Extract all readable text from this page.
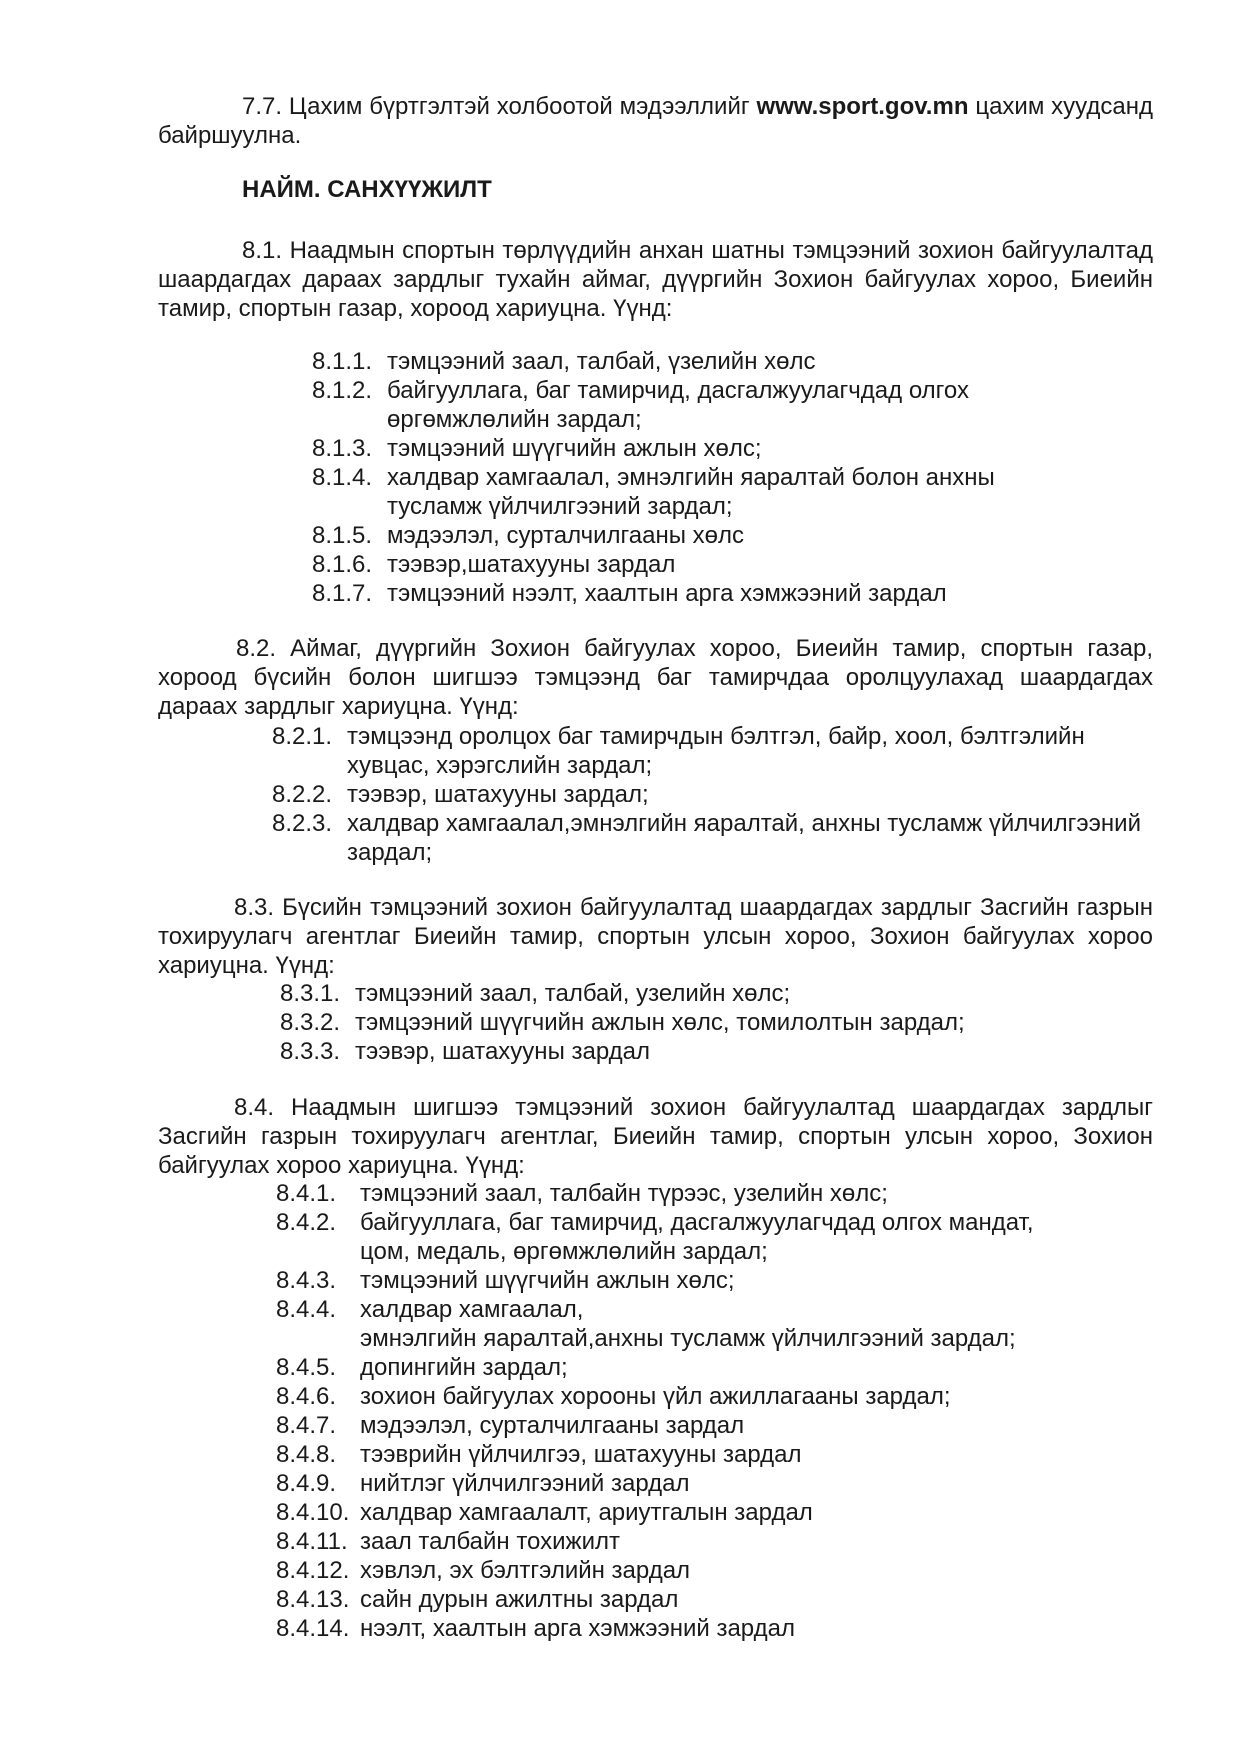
7.7. Цахим бүртгэлтэй холбоотой мэдээллийг www.sport.gov.mn цахим хуудсанд байршуулна.

НАЙМ. САНХҮҮЖИЛТ

8.1. Наадмын спортын төрлүүдийн анхан шатны тэмцээний зохион байгуулалтад шаардагдах дараах зардлыг тухайн аймаг, дүүргийн Зохион байгуулах хороо, Биеийн тамир, спортын газар, хороод хариуцна. Үүнд:

8.1.1. тэмцээний заал, талбай, үзелийн хөлс
8.1.2. байгууллага, баг тамирчид, дасгалжуулагчдад олгох
өргөмжлөлийн зардал;
8.1.3. тэмцээний шүүгчийн ажлын хөлс;
8.1.4. халдвар хамгаалал, эмнэлгийн яаралтай болон анхны
тусламж үйлчилгээний зардал;
8.1.5. мэдээлэл, сурталчилгааны хөлс
8.1.6. тээвэр,шатахууны зардал
8.1.7. тэмцээний нээлт, хаалтын арга хэмжээний зардал

8.2. Аймаг, дүүргийн Зохион байгуулах хороо, Биеийн тамир, спортын газар, хороод бүсийн болон шигшээ тэмцээнд баг тамирчдаа оролцуулахад шаардагдах дараах зардлыг хариуцна. Үүнд:

8.2.1. тэмцээнд оролцох баг тамирчдын бэлтгэл, байр, хоол, бэлтгэлийн
хувцас, хэрэгслийн зардал;
8.2.2. тээвэр, шатахууны зардал;
8.2.3. халдвар хамгаалал,эмнэлгийн яаралтай, анхны тусламж үйлчилгээний
зардал;

8.3. Бүсийн тэмцээний зохион байгуулалтад шаардагдах зардлыг Засгийн газрын тохируулагч агентлаг Биеийн тамир, спортын улсын хороо, Зохион байгуулах хороо хариуцна. Үүнд:

8.3.1. тэмцээний заал, талбай, узелийн хөлс;
8.3.2. тэмцээний шүүгчийн ажлын хөлс, томилолтын зардал;
8.3.3. тээвэр, шатахууны зардал

8.4. Наадмын шигшээ тэмцээний зохион байгуулалтад шаардагдах зардлыг Засгийн газрын тохируулагч агентлаг, Биеийн тамир, спортын улсын хороо, Зохион байгуулах хороо хариуцна. Үүнд:

8.4.1. тэмцээний заал, талбайн түрээс, узелийн хөлс;
8.4.2. байгууллага, баг тамирчид, дасгалжуулагчдад олгох мандат,
цом, медаль, өргөмжлөлийн зардал;
8.4.3. тэмцээний шүүгчийн ажлын хөлс;
8.4.4. халдвар хамгаалал,
эмнэлгийн яаралтай,анхны тусламж үйлчилгээний зардал;
8.4.5. допингийн зардал;
8.4.6. зохион байгуулах хорооны үйл ажиллагааны зардал;
8.4.7. мэдээлэл, сурталчилгааны зардал
8.4.8. тээврийн үйлчилгээ, шатахууны зардал
8.4.9. нийтлэг үйлчилгээний зардал
8.4.10. халдвар хамгаалалт, ариутгалын зардал
8.4.11. заал талбайн тохижилт
8.4.12. хэвлэл, эх бэлтгэлийн зардал
8.4.13. сайн дурын ажилтны зардал
8.4.14. нээлт, хаалтын арга хэмжээний зардал
